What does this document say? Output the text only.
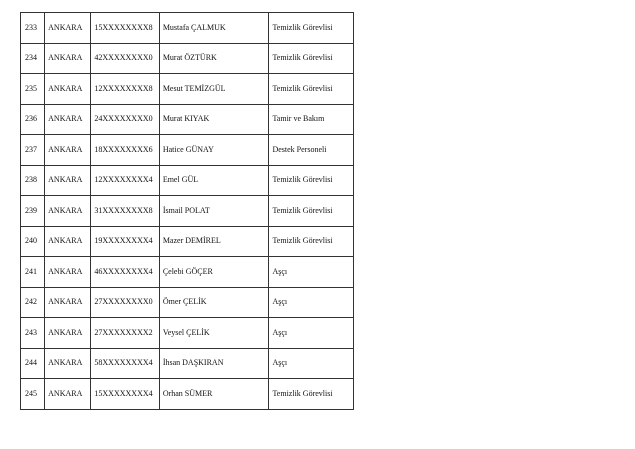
233	ANKARA	15XXXXXXXX8	Mustafa ÇALMUK	Temizlik Görevlisi
234	ANKARA	42XXXXXXXX0	Murat ÖZTÜRK	Temizlik Görevlisi
235	ANKARA	12XXXXXXXX8	Mesut TEMİZGÜL	Temizlik Görevlisi
236	ANKARA	24XXXXXXXX0	Murat KIYAK	Tamir ve Bakım
237	ANKARA	18XXXXXXXX6	Hatice GÜNAY	Destek Personeli
238	ANKARA	12XXXXXXXX4	Emel GÜL	Temizlik Görevlisi
239	ANKARA	31XXXXXXXX8	İsmail POLAT	Temizlik Görevlisi
240	ANKARA	19XXXXXXXX4	Mazer DEMİREL	Temizlik Görevlisi
241	ANKARA	46XXXXXXXX4	Çelebi GÖÇER	Aşçı
242	ANKARA	27XXXXXXXX0	Ömer ÇELİK	Aşçı
243	ANKARA	27XXXXXXXX2	Veysel ÇELİK	Aşçı
244	ANKARA	58XXXXXXXX4	İhsan DAŞKIRAN	Aşçı
245	ANKARA	15XXXXXXXX4	Orhan SÜMER	Temizlik Görevlisi
